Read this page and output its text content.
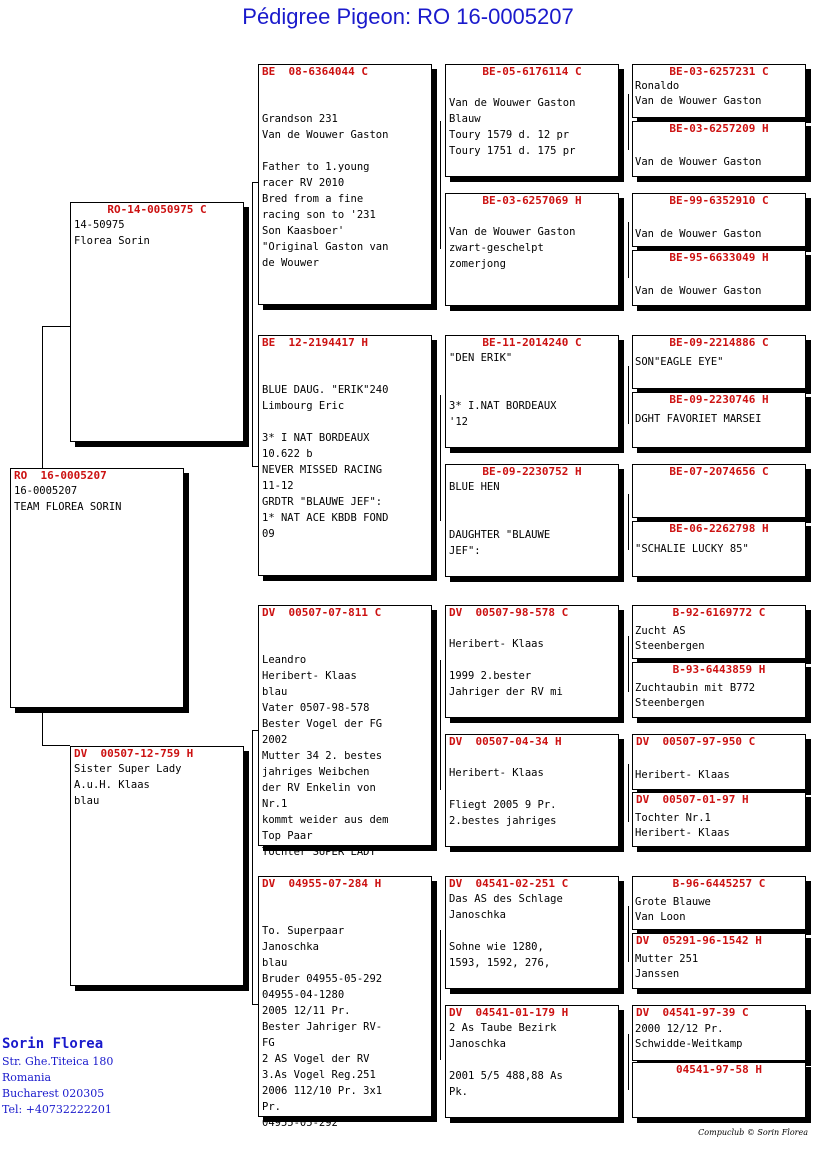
Pédigree Pigeon: RO 16-0005207
RO  16-0005207
16-0005207
TEAM FLOREA SORIN
RO-14-0050975 C
14-50975
Florea Sorin
DV  00507-12-759 H
Sister Super Lady
A.u.H. Klaas
blau
BE  08-6364044 C

Grandson 231
Van de Wouwer Gaston

Father to 1.young
racer RV 2010
Bred from a fine
racing son to '231
Son Kaasboer'
"Original Gaston van
de Wouwer

BE  12-2194417 H

BLUE DAUG. "ERIK"240
Limbourg Eric

3* I NAT BORDEAUX
10.622 b
NEVER MISSED RACING
11-12
GRDTR "BLAUWE JEF":
1* NAT ACE KBDB FOND
09

DV  00507-07-811 C

Leandro
Heribert- Klaas
blau
Vater 0507-98-578
Bester Vogel der FG
2002
Mutter 34 2. bestes
jahriges Weibchen
der RV Enkelin von
Nr.1
kommt weider aus dem
Top Paar
Tochter SUPER LADY

DV  04955-07-284 H

To. Superpaar
Janoschka
blau
Bruder 04955-05-292
04955-04-1280
2005 12/11 Pr.
Bester Jahriger RV-
FG
2 AS Vogel der RV
3.As Vogel Reg.251
2006 112/10 Pr. 3x1
Pr.
04955-05-292

BE-05-6176114 C

Van de Wouwer Gaston
Blauw
Toury 1579 d. 12 pr
Toury 1751 d. 175 pr
BE-03-6257069 H

Van de Wouwer Gaston
zwart-geschelpt
zomerjong
BE-11-2014240 C
"DEN ERIK"

3* I.NAT BORDEAUX
'12
BE-09-2230752 H
BLUE HEN

DAUGHTER "BLAUWE
JEF":
DV  00507-98-578 C

Heribert- Klaas

1999 2.bester
Jahriger der RV mi
DV  00507-04-34 H

Heribert- Klaas

Fliegt 2005 9 Pr.
2.bestes jahriges
DV  04541-02-251 C
Das AS des Schlage
Janoschka

Sohne wie 1280,
1593, 1592, 276,
DV  04541-01-179 H
2 As Taube Bezirk
Janoschka

2001 5/5 488,88 As
Pk.
BE-03-6257231 C
Ronaldo
Van de Wouwer Gaston
BE-03-6257209 H

Van de Wouwer Gaston
BE-99-6352910 C

Van de Wouwer Gaston
BE-95-6633049 H

Van de Wouwer Gaston
BE-09-2214886 C
SON"EAGLE EYE"
BE-09-2230746 H
DGHT FAVORIET MARSEI
BE-07-2074656 C
BE-06-2262798 H
"SCHALIE LUCKY 85"
B-92-6169772 C
Zucht AS
Steenbergen
B-93-6443859 H
Zuchtaubin mit B772
Steenbergen
DV  00507-97-950 C

Heribert- Klaas
DV  00507-01-97 H
Tochter Nr.1
Heribert- Klaas
B-96-6445257 C
Grote Blauwe
Van Loon
DV  05291-96-1542 H
Mutter 251
Janssen
DV  04541-97-39 C
2000 12/12 Pr.
Schwidde-Weitkamp
04541-97-58 H
Sorin Florea
Str. Ghe.Titeica 180
Romania
Bucharest 020305
Tel: +40732222201
Compuclub © Sorin Florea
